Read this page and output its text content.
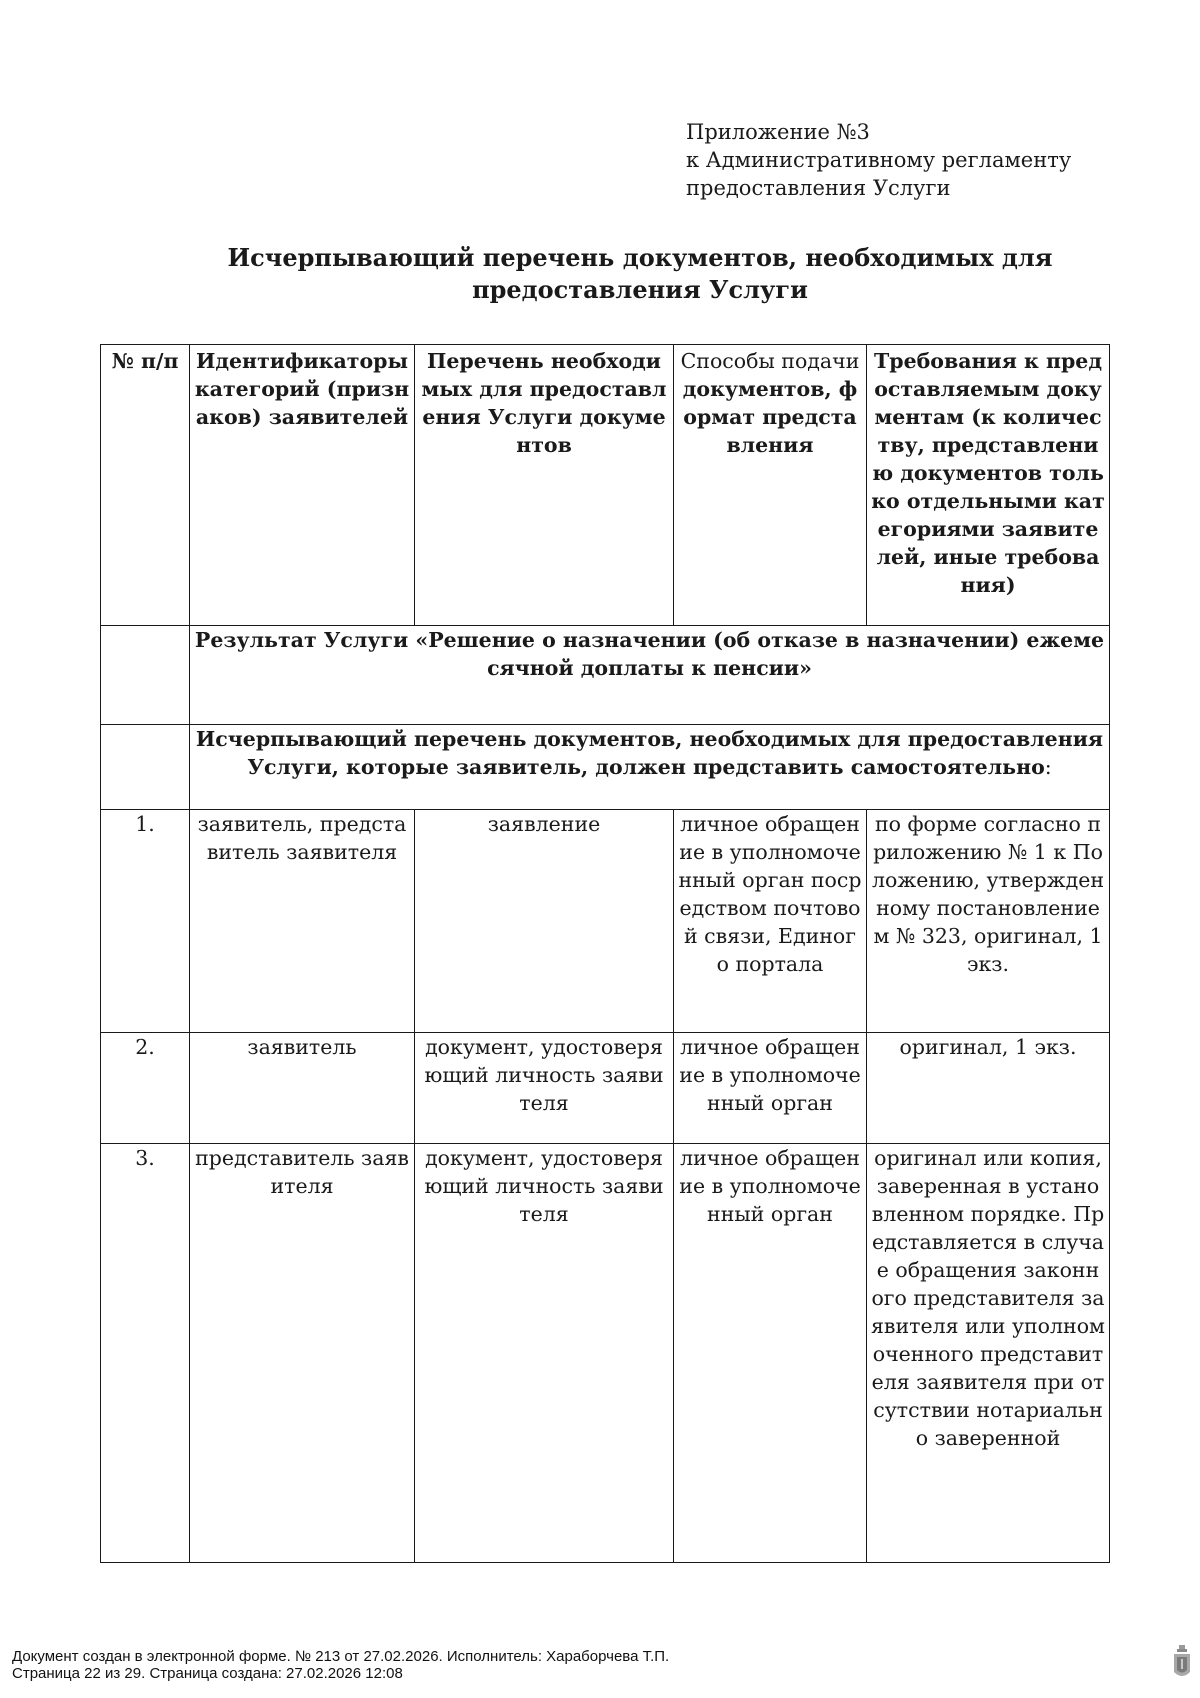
Приложение №3
к Административному регламенту
предоставления Услуги
Исчерпывающий перечень документов, необходимых для
предоставления Услуги
№ п/п	Идентификаторы категорий (признаков) заявителей	Перечень необходимых для предоставления Услуги документов	Способы подачи документов, формат представления	Требования к предоставляемым документам (к количеству, представлению документов только отдельными категориями заявителей, иные требования)
	Результат Услуги «Решение о назначении (об отказе в назначении) ежемесячной доплаты к пенсии»			
	Исчерпывающий перечень документов, необходимых для предоставления Услуги, которые заявитель, должен представить самостоятельно:			
1.	заявитель, представитель заявителя	заявление	личное обращение в уполномоченный орган посредством почтовой связи, Единого портала	по форме согласно приложению № 1 к Положению, утвержденному постановлением № 323, оригинал, 1 экз.
2.	заявитель	документ, удостоверяющий личность заявителя	личное обращение в уполномоченный орган	оригинал, 1 экз.
3.	представитель заявителя	документ, удостоверяющий личность заявителя	личное обращение в уполномоченный орган	оригинал или копия, заверенная в установленном порядке. Представляется в случае обращения законного представителя заявителя или уполномоченного представителя заявителя при отсутствии нотариально заверенной
Документ создан в электронной форме. № 213 от 27.02.2026. Исполнитель: Хараборчева Т.П.
Страница 22 из 29. Страница создана: 27.02.2026 12:08
